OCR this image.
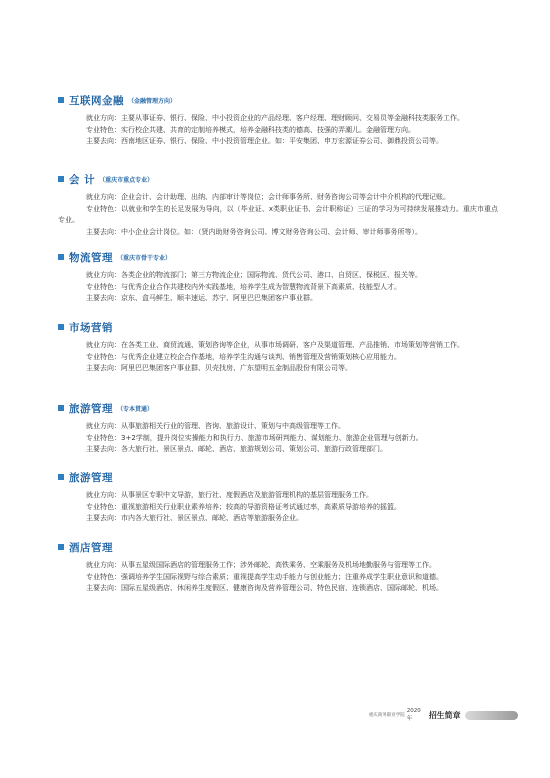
互联网金融 （金融管理方向）

就业方向：主要从事证券、银行、保险、中小投资企业的产品经理、客户经理、理财顾问、交易员等金融科技类服务工作。

专业特色：实行校企共建、共育的定制培养模式，培养金融科技类的德高、技强的弄潮儿。金融管理方向。

主要去向：西南地区证券、银行、保险、中小投资管理企业。如：平安集团、申万宏源证券公司、御鼎投资公司等。

会 计 （重庆市重点专业）

就业方向：企业会计、会计助理、出纳、内部审计等岗位；会计师事务所、财务咨询公司等会计中介机构的代理记账。

专业特色：以就业和学生的长足发展为导向，以（毕业证、x类职业证书、会计职称证）三证的学习为可持续发展推动力。重庆市重点专业。

主要去向：中小企业会计岗位。如：（贤内助财务咨询公司、博文财务咨询公司、会计师、审计师事务所等）。

物流管理 （重庆市骨干专业）

就业方向：各类企业的物流部门；第三方物流企业；国际物流、货代公司、港口、自贸区、保税区、报关等。

专业特色：与优秀企业合作共建校内外实践基地，培养学生成为智慧物流背景下高素质、技能型人才。

主要去向：京东、盒马鲜生、顺丰速运、苏宁、阿里巴巴集团客户事业群。

市场营销

就业方向：在各类工业、商贸流通、策划咨询等企业，从事市场调研、客户及渠道管理、产品推销、市场策划等营销工作。

专业特色：与优秀企业建立校企合作基地，培养学生沟通与谈判、销售管理及营销策划核心应用能力。

主要去向：阿里巴巴集团客户事业群、贝壳找房、广东望明五金制品股份有限公司等。

旅游管理 （专本贯通）

就业方向：从事旅游相关行业的管理、咨询、旅游设计、策划与中高级管理等工作。

专业特色：3+2学制，提升岗位实操能力和执行力、旅游市场研判能力、谋划能力、旅游企业管理与创新力。

主要去向：各大旅行社、景区景点、邮轮、酒店、旅游规划公司、策划公司、旅游行政管理部门。

旅游管理

就业方向：从事景区专职中文导游，旅行社、度假酒店及旅游管理机构的基层管理服务工作。

专业特色：重视旅游相关行业职业素养培养；较高的导游资格证考试通过率，高素质导游培养的摇篮。

主要去向：市内各大旅行社、景区景点、邮轮、酒店等旅游服务企业。

酒店管理

就业方向：从事五星级国际酒店的管理服务工作；涉外邮轮、高铁乘务、空乘服务及机场地勤服务与管理等工作。

专业特色：强调培养学生国际视野与综合素质；重视提高学生动手能力与创业能力；注重养成学生职业意识和道德。

主要去向：国际五星级酒店、休闲养生度假区、健康咨询及营养管理公司、特色民宿、连锁酒店、国际邮轮、机场。

重庆商务职业学院
2020年	招生简章
